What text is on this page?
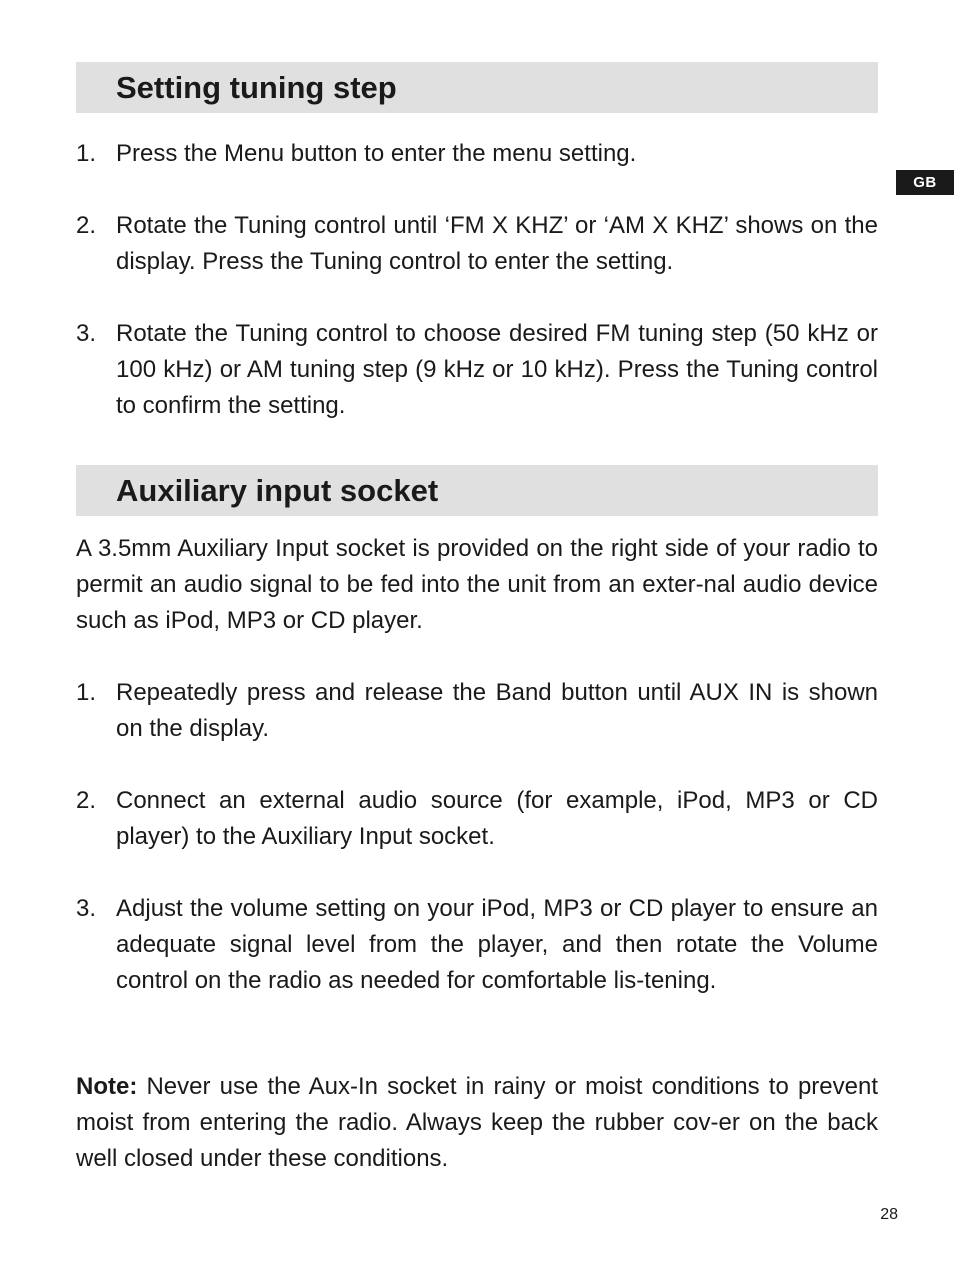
GB
Setting tuning step
1. Press the Menu button to enter the menu setting.
2. Rotate the Tuning control until ‘FM X KHZ’ or ‘AM X KHZ’ shows on the display. Press the Tuning control to enter the setting.
3. Rotate the Tuning control to choose desired FM tuning step (50 kHz or 100 kHz) or AM tuning step (9 kHz or 10 kHz). Press the Tuning control to confirm the setting.
Auxiliary input socket

A 3.5mm Auxiliary Input socket is provided on the right side of your radio to permit an audio signal to be fed into the unit from an exter-nal audio device such as iPod, MP3 or CD player.

1. Repeatedly press and release the Band button until AUX IN is shown on the display.
2. Connect an external audio source (for example, iPod, MP3 or CD player) to the Auxiliary Input socket.
3. Adjust the volume setting on your iPod, MP3 or CD player to ensure an adequate signal level from the player, and then rotate the Volume control on the radio as needed for comfortable lis-tening.

Note: Never use the Aux-In socket in rainy or moist conditions to prevent moist from entering the radio. Always keep the rubber cov-er on the back well closed under these conditions.

28
